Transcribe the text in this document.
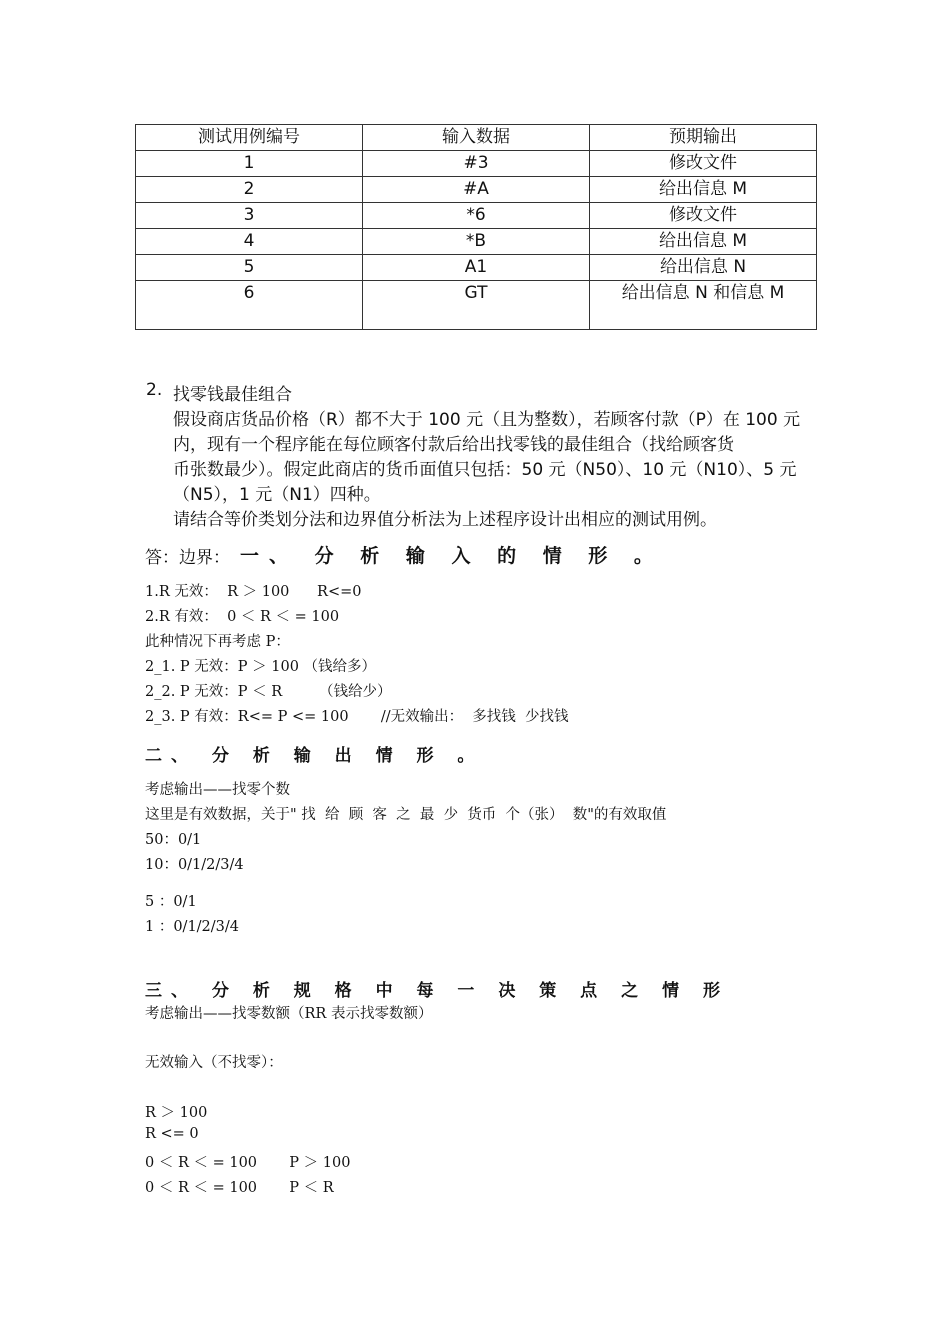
测试用例编号	输入数据	预期输出
1	#3	修改文件
2	#A	给出信息 M
3	*6	修改文件
4	*B	给出信息 M
5	A1	给出信息 N
6	GT	给出信息 N 和信息 M
2. 找零钱最佳组合
假设商店货品价格（R）都不大于 100 元（且为整数），若顾客付款（P）在 100 元
内，现有一个程序能在每位顾客付款后给出找零钱的最佳组合（找给顾客货
币张数最少）。假定此商店的货币面值只包括：50 元（N50）、10 元（N10）、5 元
（N5），1 元（N1）四种。
请结合等价类划分法和边界值分析法为上述程序设计出相应的测试用例。
答：边界： 一、 分 析 输 入 的 情 形 。
1.R 无效：  R ＞ 100      R<=0
2.R 有效：  0 ＜ R ＜ = 100
此种情况下再考虑 P：
2_1. P 无效：P ＞ 100 （钱给多）
2_2. P 无效：P ＜ R        （钱给少）
2_3. P 有效：R<= P <= 100       //无效输出：  多找钱  少找钱
二、 分 析 输 出 情 形 。
考虑输出——找零个数
这里是有效数据，关于" 找  给  顾  客  之  最  少  货币  个（张）  数"的有效取值
50：0/1
10：0/1/2/3/4
5 ：0/1
1 ：0/1/2/3/4
三、 分 析 规 格 中 每 一 决 策 点 之 情 形
考虑输出——找零数额（RR 表示找零数额）
无效输入（不找零）：
R ＞ 100
R <= 0
0 ＜ R ＜ = 100       P ＞ 100
0 ＜ R ＜ = 100       P ＜ R
